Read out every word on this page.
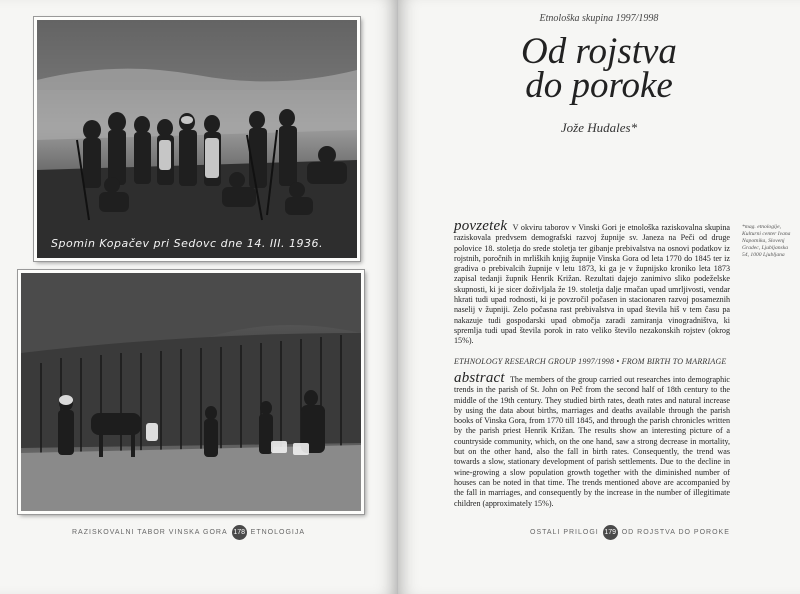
Spomin Kopačev pri Sedovc dne 14. III. 1936.
RAZISKOVALNI TABOR VINSKA GORA 178 ETNOLOGIJA
Etnološka skupina 1997/1998
Od rojstva
do poroke
Jože Hudales*
povzetek V okviru taborov v Vinski Gori je etnološka raziskovalna skupina raziskovala predvsem demografski razvoj župnije sv. Janeza na Peči od druge polovice 18. stoletja do srede stoletja ter gibanje prebivalstva na osnovi podatkov iz rojstnih, poročnih in mrliških knjig župnije Vinska Gora od leta 1770 do 1845 ter iz gradiva o prebivalcih župnije v letu 1873, ki ga je v župnijsko kroniko leta 1873 zapisal tedanji župnik Henrik Križan. Rezultati dajejo zanimivo sliko podeželske skupnosti, ki je sicer doživljala že 19. stoletja dalje rmačan upad umrljivosti, vendar hkrati tudi upad rodnosti, ki je povzročil počasen in stacionaren razvoj posameznih naselij v župniji. Zelo počasna rast prebivalstva in upad števila hiš v tem času pa nakazuje tudi gospodarski upad območja zaradi zamiranja vinogradništva, ki spremlja tudi upad števila porok in rato veliko število nezakonskih rojstev (okrog 15%).
*mag. etnologije, Kulturni center Ivana Napotnika, Slovenj Gradec, Ljubljanska 54, 1000 Ljubljana
ETHNOLOGY RESEARCH GROUP 1997/1998 • FROM BIRTH TO MARRIAGE
abstract The members of the group carried out researches into demographic trends in the parish of St. John on Peč from the second half of 18th century to the middle of the 19th century. They studied birth rates, death rates and natural increase by using the data about births, marriages and deaths available through the parish books of Vinska Gora, from 1770 till 1845, and through the parish chronicles written by the parish priest Henrik Križan. The results show an interesting picture of a countryside community, which, on the one hand, saw a strong decrease in mortality, but on the other hand, also the fall in birth rates. Consequently, the trend was towards a slow, stationary development of parish settlements. Due to the decline in wine-growing a slow population growth together with the diminished number of houses can be noted in that time. The trends mentioned above are accompanied by the fall in marriages, and consequently by the increase in the number of illegitimate children (approximately 15%).
OSTALI PRILOGI 179 OD ROJSTVA DO POROKE
